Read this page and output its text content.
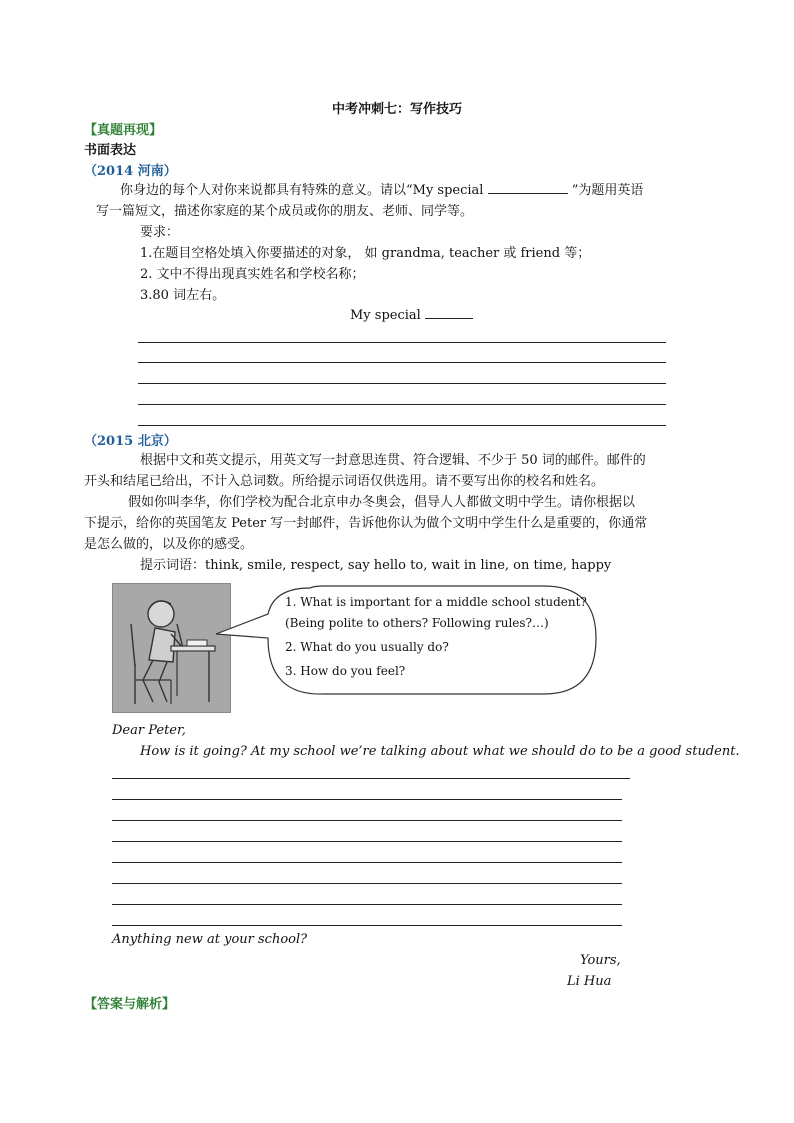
中考冲刺七：写作技巧
【真题再现】
书面表达
（2014 河南）
你身边的每个人对你来说都具有特殊的意义。请以“My special	”为题用英语
写一篇短文，描述你家庭的某个成员或你的朋友、老师、同学等。
要求：
1.在题目空格处填入你要描述的对象， 如 grandma, teacher 或 friend 等；
2. 文中不得出现真实姓名和学校名称；
3.80 词左右。
My special
（2015 北京）
根据中文和英文提示，用英文写一封意思连贯、符合逻辑、不少于 50 词的邮件。邮件的
开头和结尾已给出，不计入总词数。所给提示词语仅供选用。请不要写出你的校名和姓名。
假如你叫李华，你们学校为配合北京申办冬奥会，倡导人人都做文明中学生。请你根据以
下提示，给你的英国笔友 Peter 写一封邮件，告诉他你认为做个文明中学生什么是重要的，你通常
是怎么做的，以及你的感受。
提示词语：think, smile, respect, say hello to, wait in line, on time, happy
1. What is important for a middle school student?
(Being polite to others? Following rules?…)
2. What do you usually do?
3. How do you feel?
Dear Peter,
How is it going? At my school we’re talking about what we should do to be a good student.
Anything new at your school?
Yours,
Li Hua
【答案与解析】
